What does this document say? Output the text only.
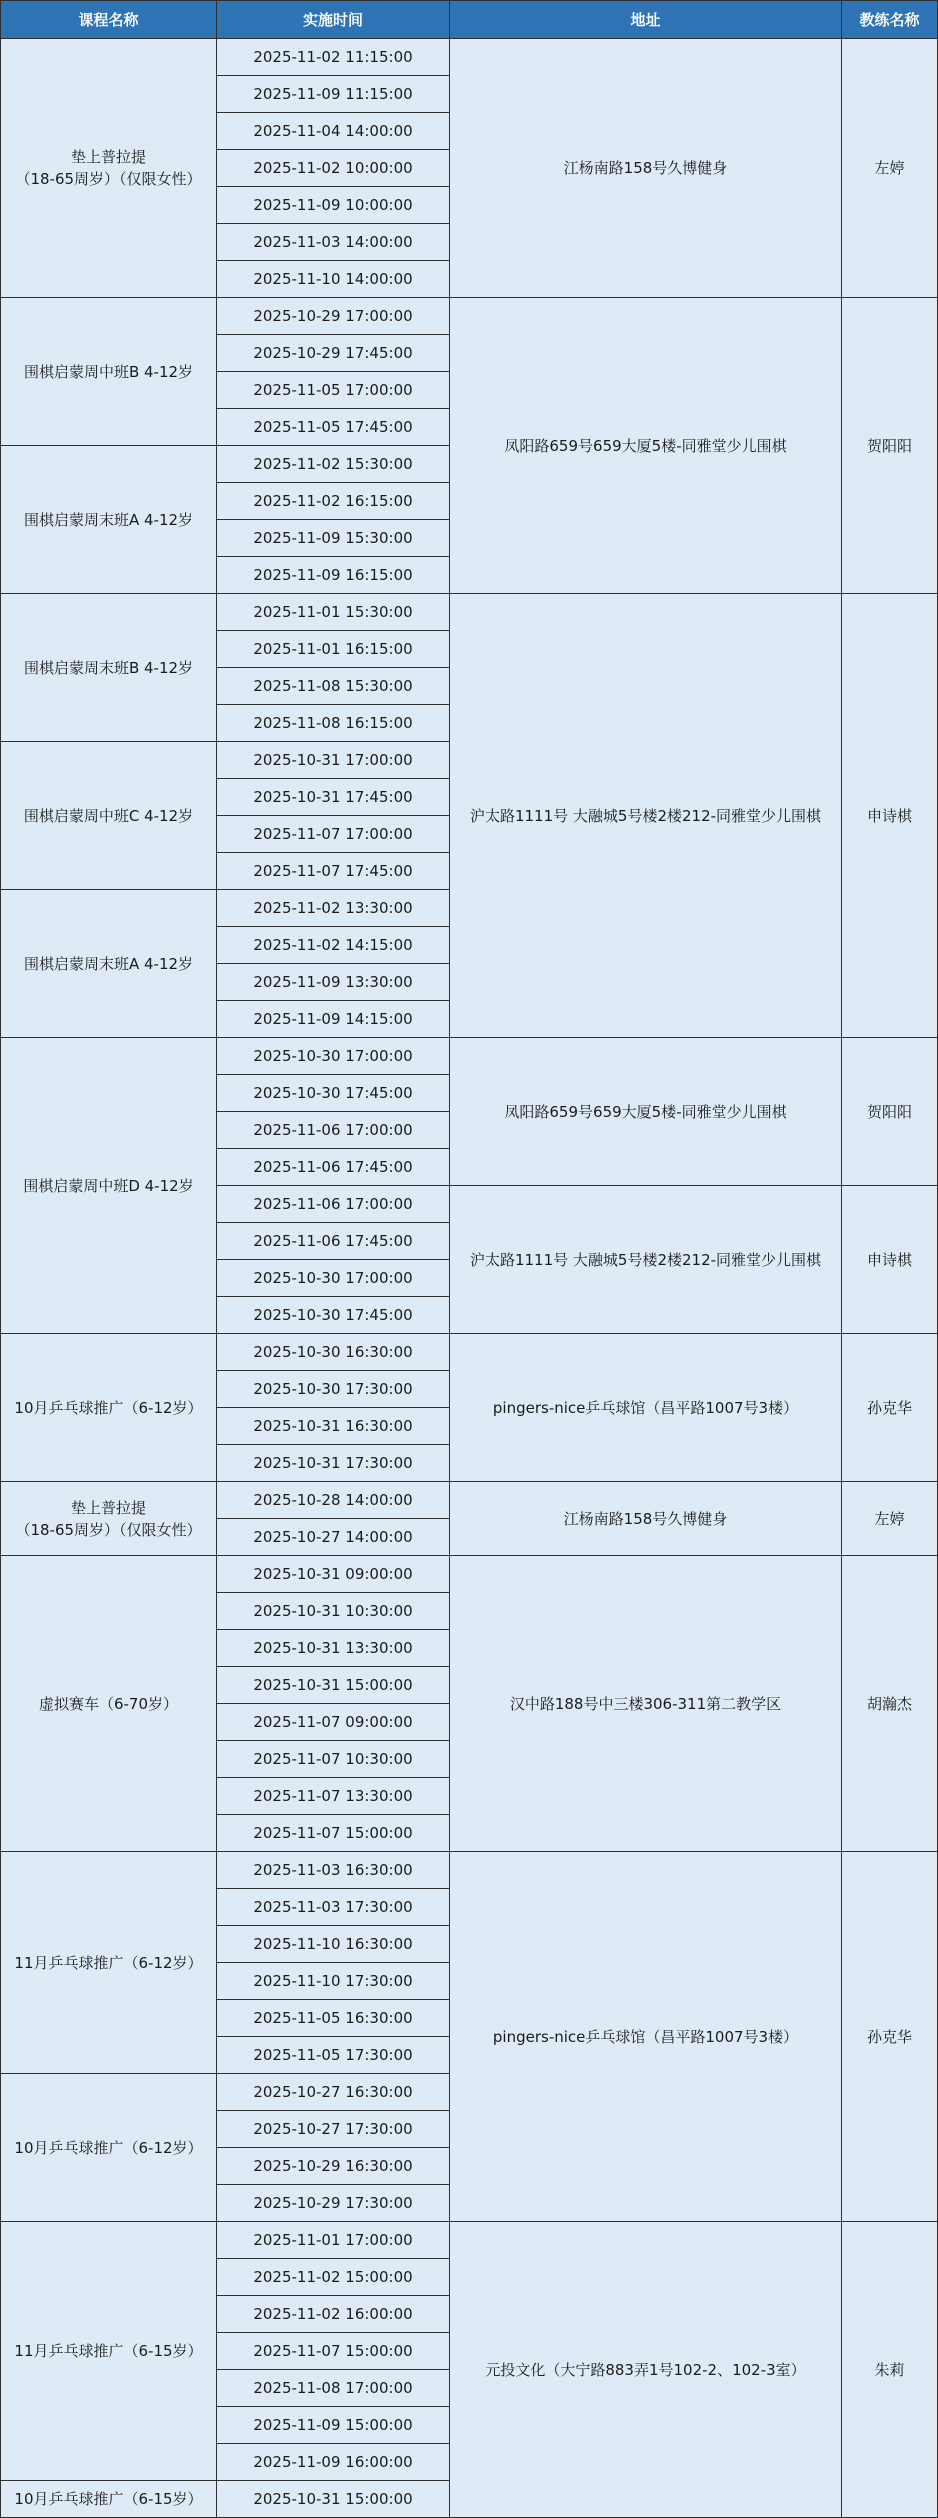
课程名称	实施时间	地址	教练名称
垫上普拉提
（18-65周岁）（仅限女性）	2025-11-02 11:15:00	江杨南路158号久博健身	左婷
	2025-11-09 11:15:00		
	2025-11-04 14:00:00		
	2025-11-02 10:00:00		
	2025-11-09 10:00:00		
	2025-11-03 14:00:00		
	2025-11-10 14:00:00		
围棋启蒙周中班B 4-12岁	2025-10-29 17:00:00	凤阳路659号659大厦5楼-同雅堂少儿围棋	贺阳阳
	2025-10-29 17:45:00		
	2025-11-05 17:00:00		
	2025-11-05 17:45:00		
围棋启蒙周末班A 4-12岁	2025-11-02 15:30:00		
	2025-11-02 16:15:00		
	2025-11-09 15:30:00		
	2025-11-09 16:15:00		
围棋启蒙周末班B 4-12岁	2025-11-01 15:30:00	沪太路1111号 大融城5号楼2楼212-同雅堂少儿围棋	申诗棋
	2025-11-01 16:15:00		
	2025-11-08 15:30:00		
	2025-11-08 16:15:00		
围棋启蒙周中班C 4-12岁	2025-10-31 17:00:00		
	2025-10-31 17:45:00		
	2025-11-07 17:00:00		
	2025-11-07 17:45:00		
围棋启蒙周末班A 4-12岁	2025-11-02 13:30:00		
	2025-11-02 14:15:00		
	2025-11-09 13:30:00		
	2025-11-09 14:15:00		
围棋启蒙周中班D 4-12岁	2025-10-30 17:00:00	凤阳路659号659大厦5楼-同雅堂少儿围棋	贺阳阳
	2025-10-30 17:45:00		
	2025-11-06 17:00:00		
	2025-11-06 17:45:00		
	2025-11-06 17:00:00	沪太路1111号 大融城5号楼2楼212-同雅堂少儿围棋	申诗棋
	2025-11-06 17:45:00		
	2025-10-30 17:00:00		
	2025-10-30 17:45:00		
10月乒乓球推广（6-12岁）	2025-10-30 16:30:00	pingers-nice乒乓球馆（昌平路1007号3楼）	孙克华
	2025-10-30 17:30:00		
	2025-10-31 16:30:00		
	2025-10-31 17:30:00		
垫上普拉提
（18-65周岁）（仅限女性）	2025-10-28 14:00:00	江杨南路158号久博健身	左婷
	2025-10-27 14:00:00		
虚拟赛车（6-70岁）	2025-10-31 09:00:00	汉中路188号中三楼306-311第二教学区	胡瀚杰
	2025-10-31 10:30:00		
	2025-10-31 13:30:00		
	2025-10-31 15:00:00		
	2025-11-07 09:00:00		
	2025-11-07 10:30:00		
	2025-11-07 13:30:00		
	2025-11-07 15:00:00		
11月乒乓球推广（6-12岁）	2025-11-03 16:30:00	pingers-nice乒乓球馆（昌平路1007号3楼）	孙克华
	2025-11-03 17:30:00		
	2025-11-10 16:30:00		
	2025-11-10 17:30:00		
	2025-11-05 16:30:00		
	2025-11-05 17:30:00		
10月乒乓球推广（6-12岁）	2025-10-27 16:30:00		
	2025-10-27 17:30:00		
	2025-10-29 16:30:00		
	2025-10-29 17:30:00		
11月乒乓球推广（6-15岁）	2025-11-01 17:00:00	元投文化（大宁路883弄1号102-2、102-3室）	朱莉
	2025-11-02 15:00:00		
	2025-11-02 16:00:00		
	2025-11-07 15:00:00		
	2025-11-08 17:00:00		
	2025-11-09 15:00:00		
	2025-11-09 16:00:00		
10月乒乓球推广（6-15岁）	2025-10-31 15:00:00		
